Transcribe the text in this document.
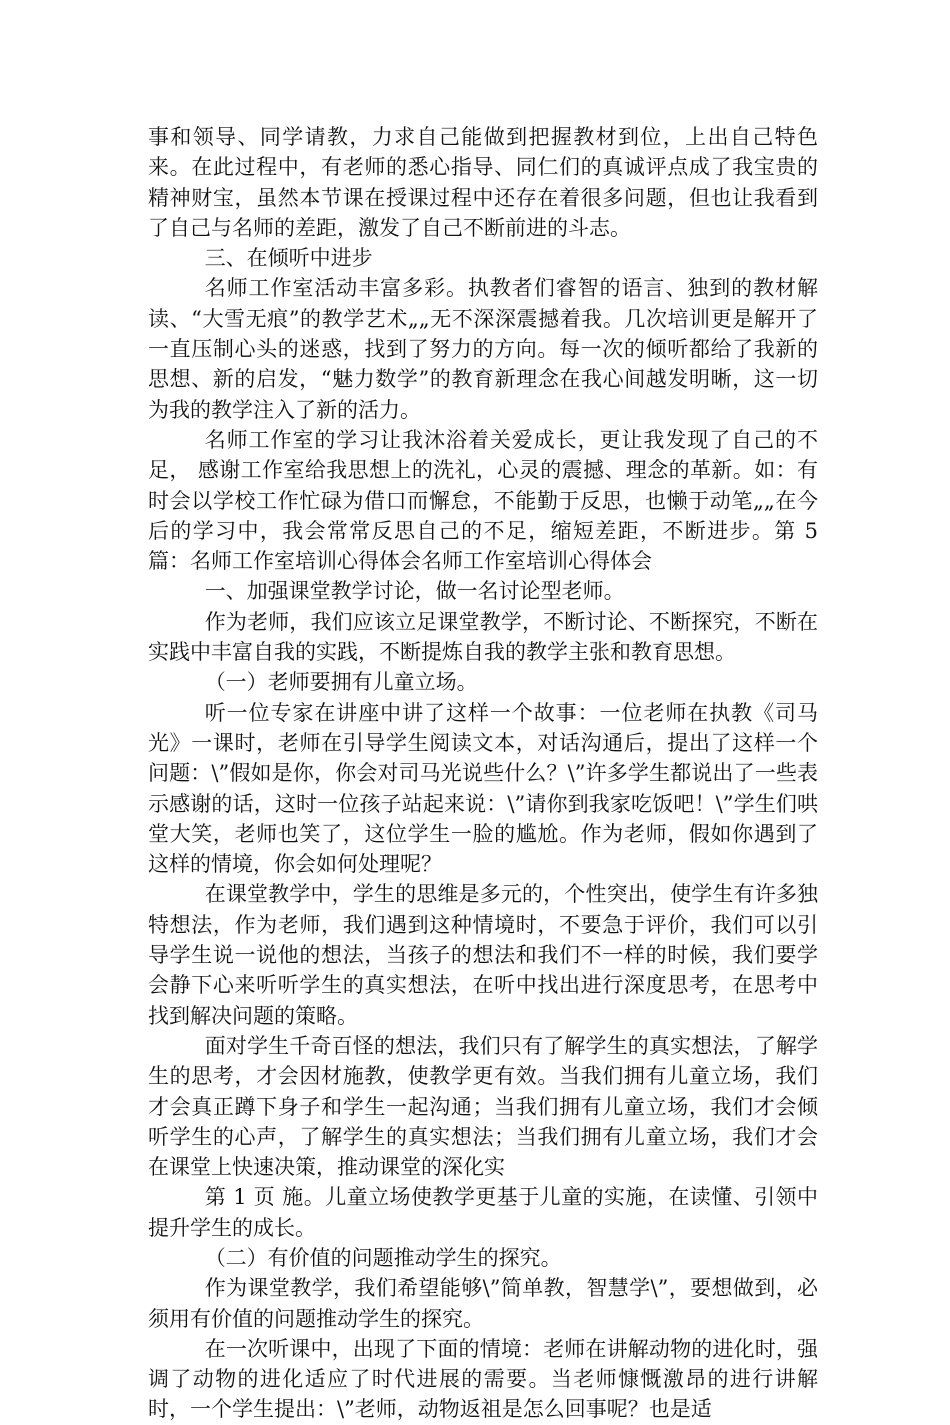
事和领导、同学请教，力求自己能做到把握教材到位，上出自己特色来。在此过程中，有老师的悉心指导、同仁们的真诚评点成了我宝贵的精神财宝，虽然本节课在授课过程中还存在着很多问题，但也让我看到了自己与名师的差距，激发了自己不断前进的斗志。

三、在倾听中进步

名师工作室活动丰富多彩。执教者们睿智的语言、独到的教材解读、“大雪无痕”的教学艺术„„无不深深震撼着我。几次培训更是解开了一直压制心头的迷惑，找到了努力的方向。每一次的倾听都给了我新的思想、新的启发，“魅力数学”的教育新理念在我心间越发明晰，这一切为我的教学注入了新的活力。

名师工作室的学习让我沐浴着关爱成长，更让我发现了自己的不足， 感谢工作室给我思想上的洗礼，心灵的震撼、理念的革新。如：有时会以学校工作忙碌为借口而懈怠，不能勤于反思，也懒于动笔„„在今后的学习中，我会常常反思自己的不足，缩短差距，不断进步。第 5 篇：名师工作室培训心得体会名师工作室培训心得体会

一、加强课堂教学讨论，做一名讨论型老师。

作为老师，我们应该立足课堂教学，不断讨论、不断探究，不断在实践中丰富自我的实践，不断提炼自我的教学主张和教育思想。

（一）老师要拥有儿童立场。

听一位专家在讲座中讲了这样一个故事：一位老师在执教《司马光》一课时，老师在引导学生阅读文本，对话沟通后，提出了这样一个问题：\”假如是你，你会对司马光说些什么？\”许多学生都说出了一些表示感谢的话，这时一位孩子站起来说：\”请你到我家吃饭吧！\”学生们哄堂大笑，老师也笑了，这位学生一脸的尴尬。作为老师，假如你遇到了这样的情境，你会如何处理呢？

在课堂教学中，学生的思维是多元的，个性突出，使学生有许多独特想法，作为老师，我们遇到这种情境时，不要急于评价，我们可以引导学生说一说他的想法，当孩子的想法和我们不一样的时候，我们要学会静下心来听听学生的真实想法，在听中找出进行深度思考，在思考中找到解决问题的策略。

面对学生千奇百怪的想法，我们只有了解学生的真实想法，了解学生的思考，才会因材施教，使教学更有效。当我们拥有儿童立场，我们才会真正蹲下身子和学生一起沟通；当我们拥有儿童立场，我们才会倾听学生的心声，了解学生的真实想法；当我们拥有儿童立场，我们才会在课堂上快速决策，推动课堂的深化实

第 1 页 施。儿童立场使教学更基于儿童的实施，在读懂、引领中提升学生的成长。

（二）有价值的问题推动学生的探究。

作为课堂教学，我们希望能够\”简单教，智慧学\”，要想做到，必须用有价值的问题推动学生的探究。

在一次听课中，出现了下面的情境：老师在讲解动物的进化时，强调了动物的进化适应了时代进展的需要。当老师慷慨激昂的进行讲解时，一个学生提出：\”老师，动物返祖是怎么回事呢？也是适
